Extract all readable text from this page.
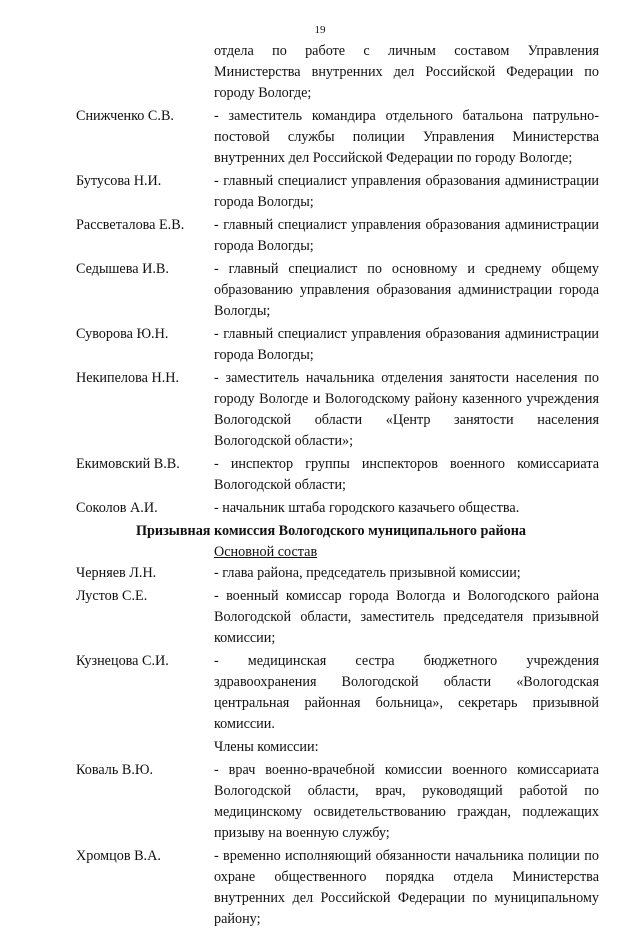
19
отдела по работе с личным составом Управления Министерства внутренних дел Российской Федерации по городу Вологде;
Снижченко С.В.	- заместитель командира отдельного батальона патрульно-постовой службы полиции Управления Министерства внутренних дел Российской Федерации по городу Вологде;
Бутусова Н.И.	- главный специалист управления образования администрации города Вологды;
Рассветалова Е.В.	- главный специалист управления образования администрации города Вологды;
Седышева И.В.	- главный специалист по основному и среднему общему образованию управления образования администрации города Вологды;
Суворова Ю.Н.	- главный специалист управления образования администрации города Вологды;
Некипелова Н.Н.	- заместитель начальника отделения занятости населения по городу Вологде и Вологодскому району казенного учреждения Вологодской области «Центр занятости населения Вологодской области»;
Екимовский В.В.	- инспектор группы инспекторов военного комиссариата Вологодской области;
Соколов А.И.	- начальник штаба городского казачьего общества.
Призывная комиссия Вологодского муниципального района
Основной состав
Черняев Л.Н.	- глава района, председатель призывной комиссии;
Лустов С.Е.	- военный комиссар города Вологда и Вологодского района Вологодской области, заместитель председателя призывной комиссии;
Кузнецова С.И.	- медицинская сестра бюджетного учреждения здравоохранения Вологодской области «Вологодская центральная районная больница», секретарь призывной комиссии.
Члены комиссии:
Коваль В.Ю.	- врач военно-врачебной комиссии военного комиссариата Вологодской области, врач, руководящий работой по медицинскому освидетельствованию граждан, подлежащих призыву на военную службу;
Хромцов В.А.	- временно исполняющий обязанности начальника полиции по охране общественного порядка отдела Министерства внутренних дел Российской Федерации по муниципальному району;
